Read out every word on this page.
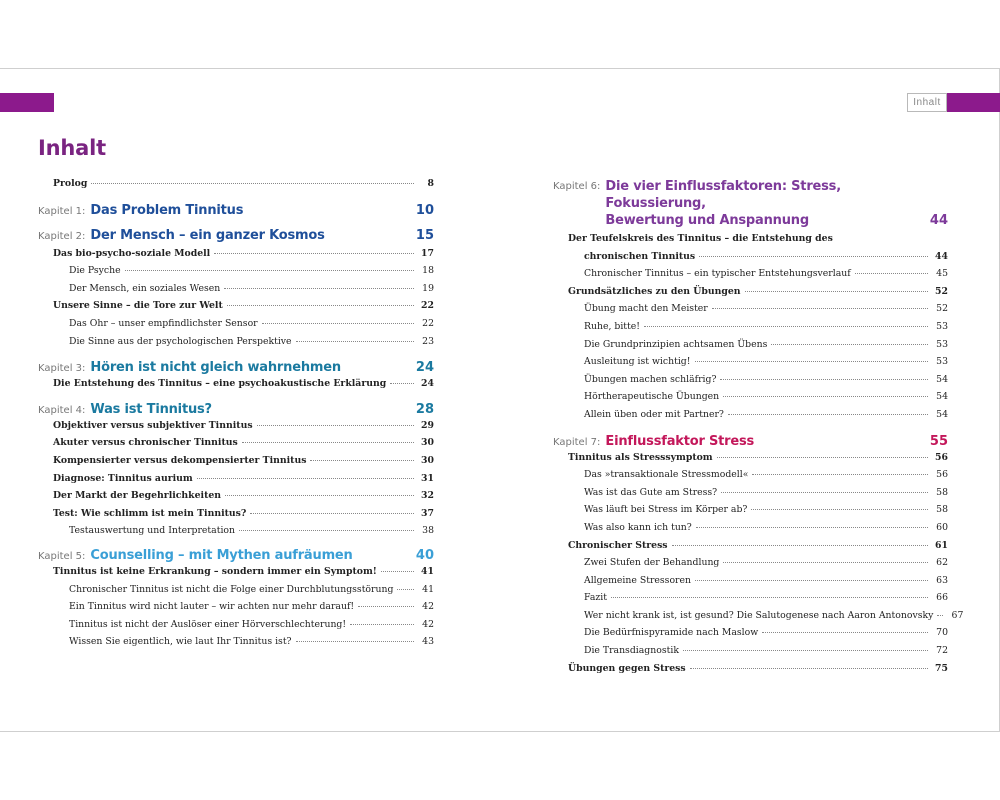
Inhalt
Inhalt
Prolog	8
Kapitel 1: Das Problem Tinnitus	10
Kapitel 2: Der Mensch – ein ganzer Kosmos	15
Das bio-psycho-soziale Modell	17
Die Psyche	18
Der Mensch, ein soziales Wesen	19
Unsere Sinne – die Tore zur Welt	22
Das Ohr – unser empfindlichster Sensor	22
Die Sinne aus der psychologischen Perspektive	23
Kapitel 3: Hören ist nicht gleich wahrnehmen	24
Die Entstehung des Tinnitus – eine psychoakustische Erklärung	24
Kapitel 4: Was ist Tinnitus?	28
Objektiver versus subjektiver Tinnitus	29
Akuter versus chronischer Tinnitus	30
Kompensierter versus dekompensierter Tinnitus	30
Diagnose: Tinnitus aurium	31
Der Markt der Begehrlichkeiten	32
Test: Wie schlimm ist mein Tinnitus?	37
Testauswertung und Interpretation	38
Kapitel 5: Counselling – mit Mythen aufräumen	40
Tinnitus ist keine Erkrankung – sondern immer ein Symptom!	41
Chronischer Tinnitus ist nicht die Folge einer Durchblutungsstörung	41
Ein Tinnitus wird nicht lauter – wir achten nur mehr darauf!	42
Tinnitus ist nicht der Auslöser einer Hörverschlechterung!	42
Wissen Sie eigentlich, wie laut Ihr Tinnitus ist?	43
Kapitel 6: Die vier Einflussfaktoren: Stress, Fokussierung,
Bewertung und Anspannung	44
Der Teufelskreis des Tinnitus – die Entstehung des
chronischen Tinnitus	44
Chronischer Tinnitus – ein typischer Entstehungsverlauf	45
Grundsätzliches zu den Übungen	52
Übung macht den Meister	52
Ruhe, bitte!	53
Die Grundprinzipien achtsamen Übens	53
Ausleitung ist wichtig!	53
Übungen machen schläfrig?	54
Hörtherapeutische Übungen	54
Allein üben oder mit Partner?	54
Kapitel 7: Einflussfaktor Stress	55
Tinnitus als Stresssymptom	56
Das »transaktionale Stressmodell«	56
Was ist das Gute am Stress?	58
Was läuft bei Stress im Körper ab?	58
Was also kann ich tun?	60
Chronischer Stress	61
Zwei Stufen der Behandlung	62
Allgemeine Stressoren	63
Fazit	66
Wer nicht krank ist, ist gesund? Die Salutogenese nach Aaron Antonovsky	67
Die Bedürfnispyramide nach Maslow	70
Die Transdiagnostik	72
Übungen gegen Stress	75
